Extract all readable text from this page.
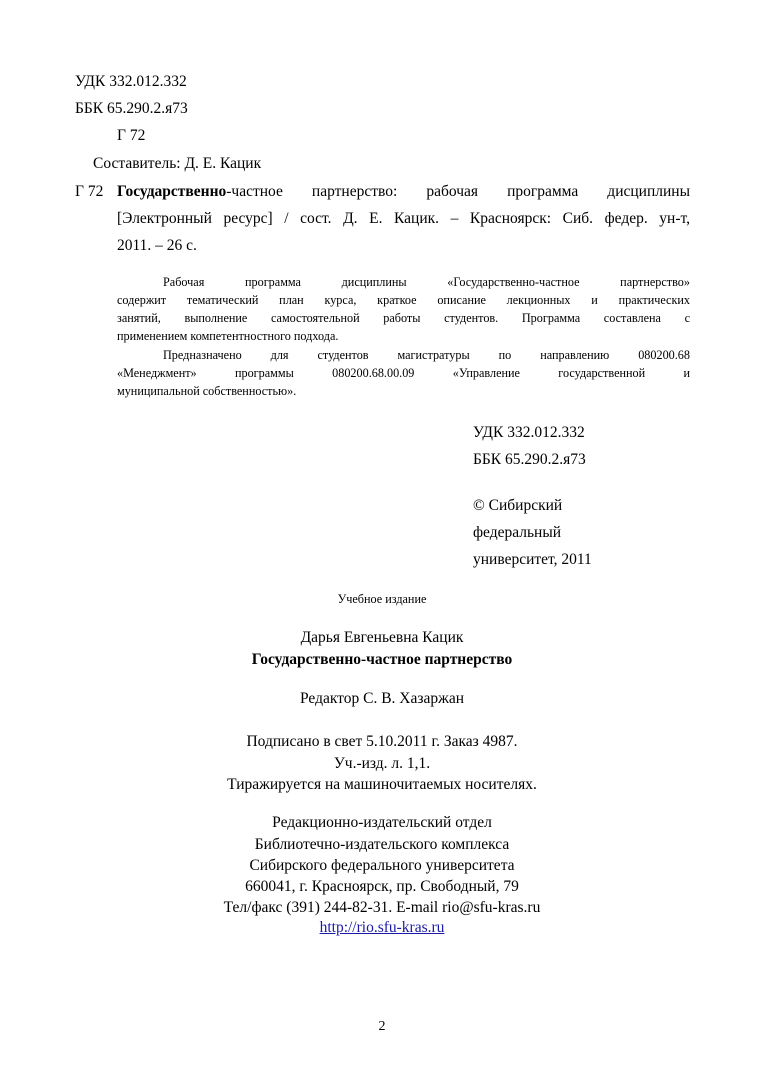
УДК 332.012.332
ББК 65.290.2.я73
Г 72
Составитель: Д. Е. Кацик
Г 72 Государственно-частное партнерство: рабочая программа дисциплины
[Электронный ресурс] / сост. Д. Е. Кацик. – Красноярск: Сиб. федер. ун-т,
2011. – 26 с.
Рабочая программа дисциплины «Государственно-частное партнерство»
содержит тематический план курса, краткое описание лекционных и практических
занятий, выполнение самостоятельной работы студентов. Программа составлена с
применением компетентностного подхода.
Предназначено для студентов магистратуры по направлению 080200.68
«Менеджмент» программы 080200.68.00.09 «Управление государственной и
муниципальной собственностью».
УДК 332.012.332
ББК 65.290.2.я73
© Сибирский
федеральный
университет, 2011
Учебное издание
Дарья Евгеньевна Кацик
Государственно-частное партнерство
Редактор С. В. Хазаржан
Подписано в свет 5.10.2011 г. Заказ 4987.
Уч.-изд. л. 1,1.
Тиражируется на машиночитаемых носителях.
Редакционно-издательский отдел
Библиотечно-издательского комплекса
Сибирского федерального университета
660041, г. Красноярск, пр. Свободный, 79
Тел/факс (391) 244-82-31. E-mail rio@sfu-kras.ru
http://rio.sfu-kras.ru
2
